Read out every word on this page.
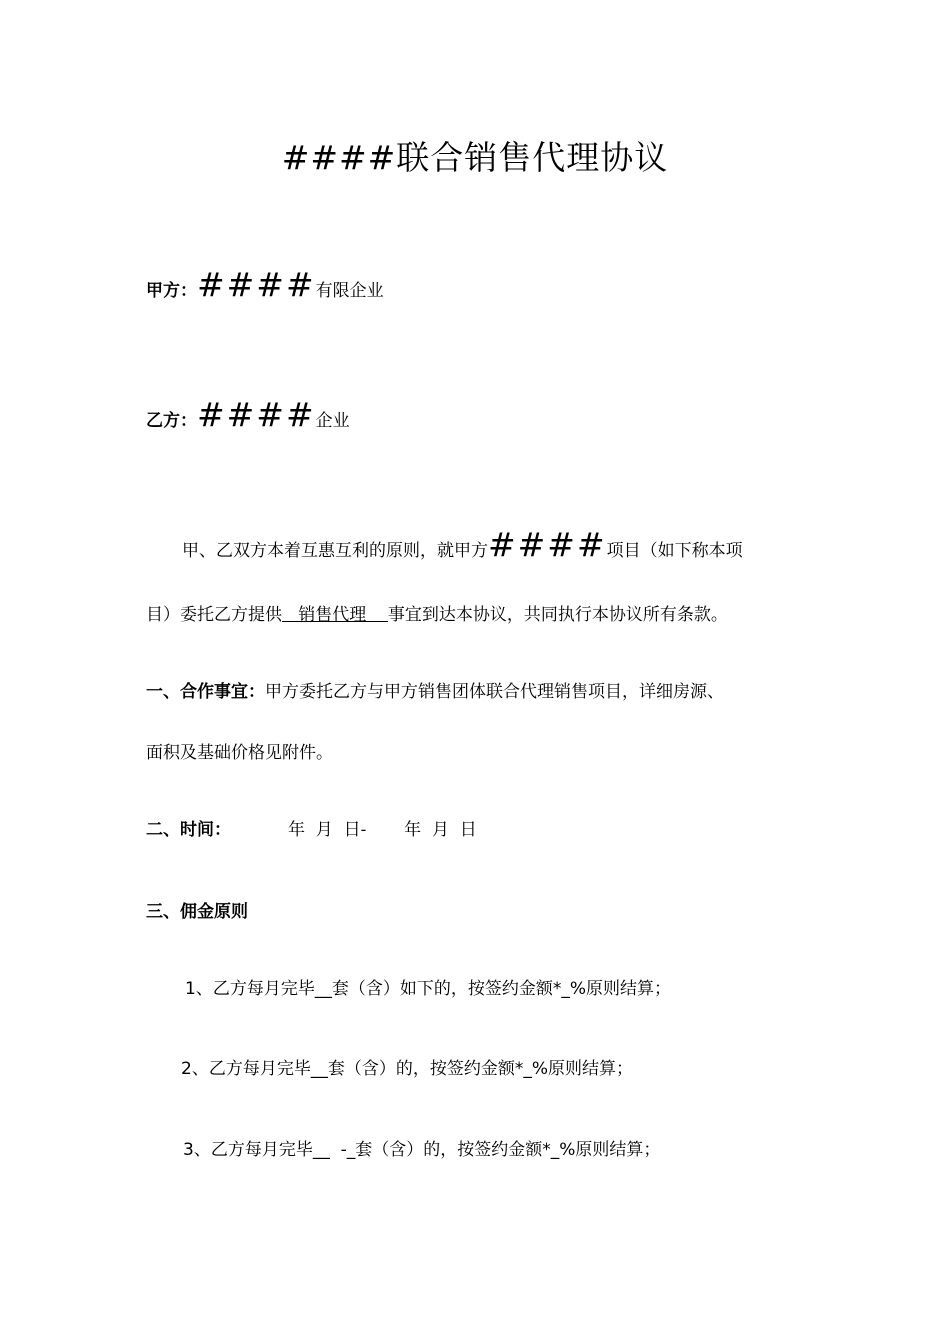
####联合销售代理协议
甲方：####有限企业
乙方：####企业
甲、乙双方本着互惠互利的原则，就甲方####项目（如下称本项
目）委托乙方提供   销售代理    事宜到达本协议，共同执行本协议所有条款。
一、合作事宜：甲方委托乙方与甲方销售团体联合代理销售项目，详细房源、
面积及基础价格见附件。
二、时间：	年  月  日-       年  月  日
三、佣金原则
1、乙方每月完毕__套（含）如下的，按签约金额*_%原则结算；
2、乙方每月完毕__套（含）的，按签约金额*_%原则结算；
3、乙方每月完毕__  -_套（含）的，按签约金额*_%原则结算；
